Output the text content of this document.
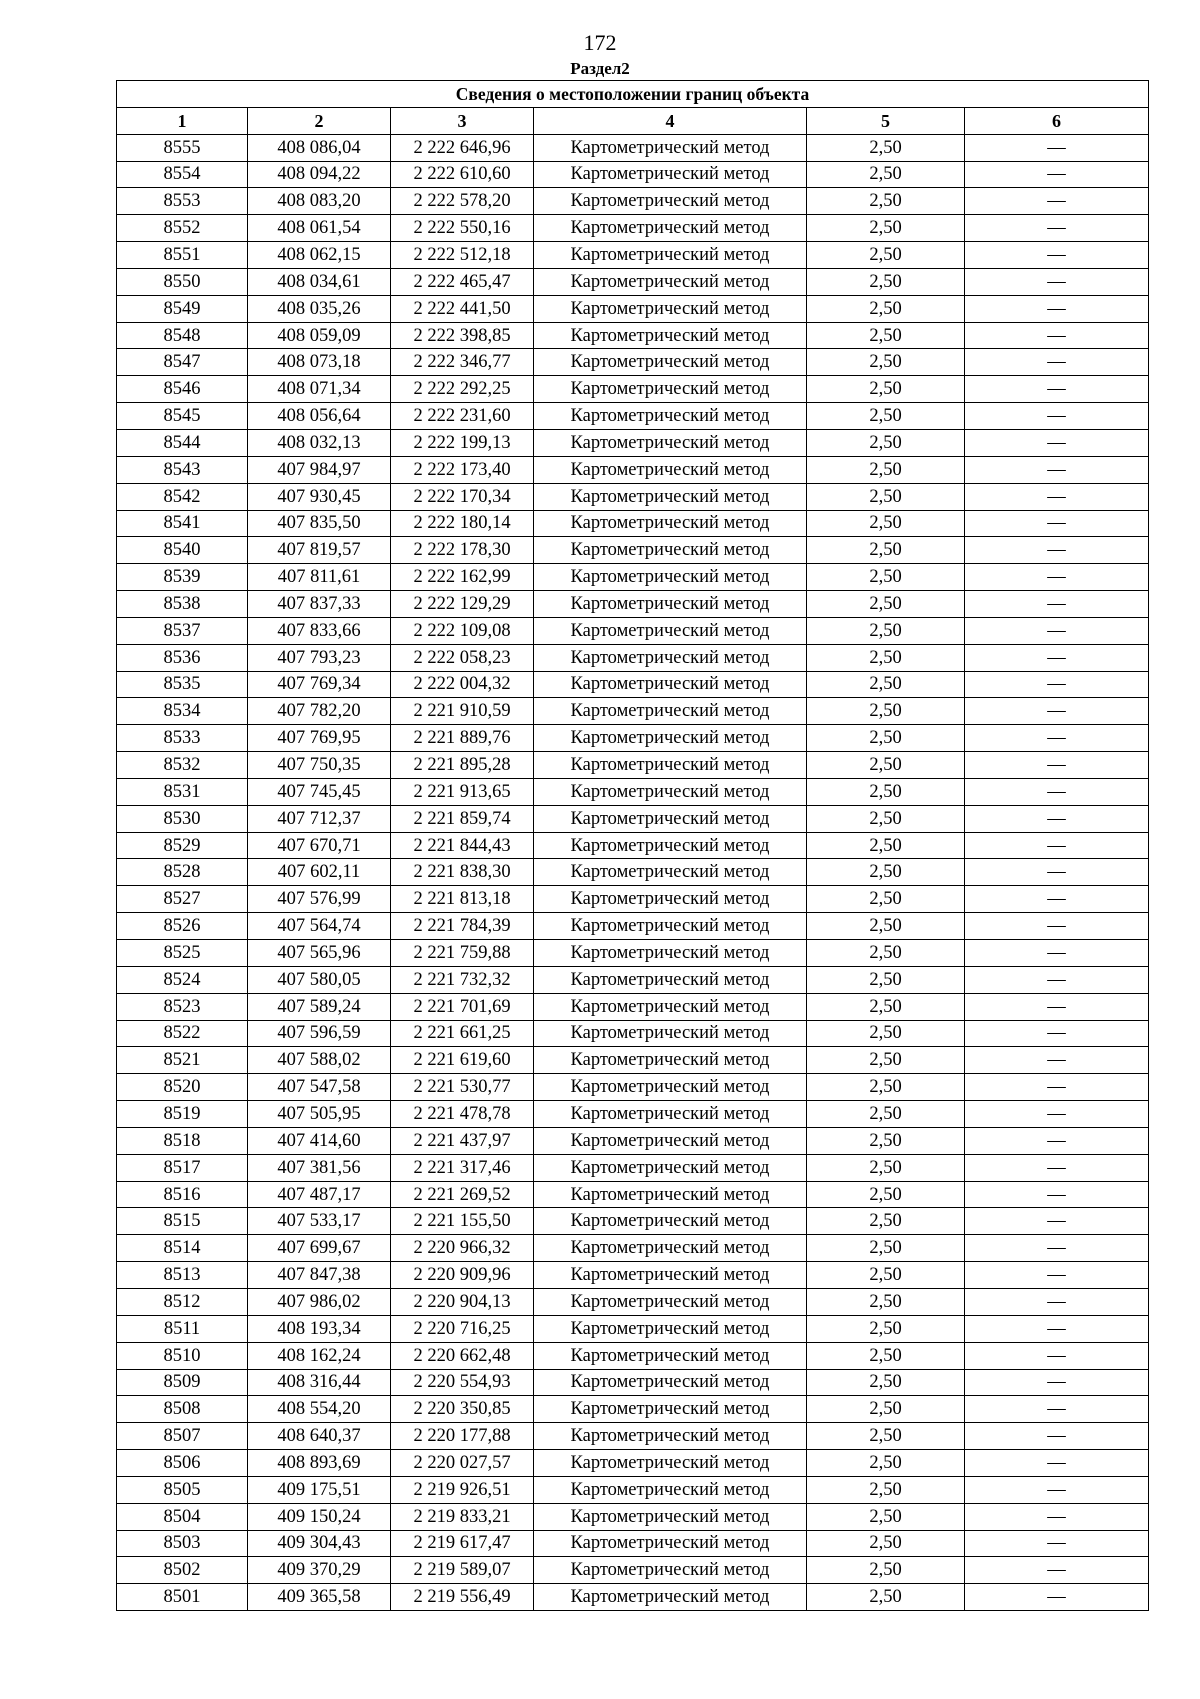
172
Раздел2
Сведения о местоположении границ объекта					
1	2	3	4	5	6
8555	408 086,04	2 222 646,96	Картометрический метод	2,50	—
8554	408 094,22	2 222 610,60	Картометрический метод	2,50	—
8553	408 083,20	2 222 578,20	Картометрический метод	2,50	—
8552	408 061,54	2 222 550,16	Картометрический метод	2,50	—
8551	408 062,15	2 222 512,18	Картометрический метод	2,50	—
8550	408 034,61	2 222 465,47	Картометрический метод	2,50	—
8549	408 035,26	2 222 441,50	Картометрический метод	2,50	—
8548	408 059,09	2 222 398,85	Картометрический метод	2,50	—
8547	408 073,18	2 222 346,77	Картометрический метод	2,50	—
8546	408 071,34	2 222 292,25	Картометрический метод	2,50	—
8545	408 056,64	2 222 231,60	Картометрический метод	2,50	—
8544	408 032,13	2 222 199,13	Картометрический метод	2,50	—
8543	407 984,97	2 222 173,40	Картометрический метод	2,50	—
8542	407 930,45	2 222 170,34	Картометрический метод	2,50	—
8541	407 835,50	2 222 180,14	Картометрический метод	2,50	—
8540	407 819,57	2 222 178,30	Картометрический метод	2,50	—
8539	407 811,61	2 222 162,99	Картометрический метод	2,50	—
8538	407 837,33	2 222 129,29	Картометрический метод	2,50	—
8537	407 833,66	2 222 109,08	Картометрический метод	2,50	—
8536	407 793,23	2 222 058,23	Картометрический метод	2,50	—
8535	407 769,34	2 222 004,32	Картометрический метод	2,50	—
8534	407 782,20	2 221 910,59	Картометрический метод	2,50	—
8533	407 769,95	2 221 889,76	Картометрический метод	2,50	—
8532	407 750,35	2 221 895,28	Картометрический метод	2,50	—
8531	407 745,45	2 221 913,65	Картометрический метод	2,50	—
8530	407 712,37	2 221 859,74	Картометрический метод	2,50	—
8529	407 670,71	2 221 844,43	Картометрический метод	2,50	—
8528	407 602,11	2 221 838,30	Картометрический метод	2,50	—
8527	407 576,99	2 221 813,18	Картометрический метод	2,50	—
8526	407 564,74	2 221 784,39	Картометрический метод	2,50	—
8525	407 565,96	2 221 759,88	Картометрический метод	2,50	—
8524	407 580,05	2 221 732,32	Картометрический метод	2,50	—
8523	407 589,24	2 221 701,69	Картометрический метод	2,50	—
8522	407 596,59	2 221 661,25	Картометрический метод	2,50	—
8521	407 588,02	2 221 619,60	Картометрический метод	2,50	—
8520	407 547,58	2 221 530,77	Картометрический метод	2,50	—
8519	407 505,95	2 221 478,78	Картометрический метод	2,50	—
8518	407 414,60	2 221 437,97	Картометрический метод	2,50	—
8517	407 381,56	2 221 317,46	Картометрический метод	2,50	—
8516	407 487,17	2 221 269,52	Картометрический метод	2,50	—
8515	407 533,17	2 221 155,50	Картометрический метод	2,50	—
8514	407 699,67	2 220 966,32	Картометрический метод	2,50	—
8513	407 847,38	2 220 909,96	Картометрический метод	2,50	—
8512	407 986,02	2 220 904,13	Картометрический метод	2,50	—
8511	408 193,34	2 220 716,25	Картометрический метод	2,50	—
8510	408 162,24	2 220 662,48	Картометрический метод	2,50	—
8509	408 316,44	2 220 554,93	Картометрический метод	2,50	—
8508	408 554,20	2 220 350,85	Картометрический метод	2,50	—
8507	408 640,37	2 220 177,88	Картометрический метод	2,50	—
8506	408 893,69	2 220 027,57	Картометрический метод	2,50	—
8505	409 175,51	2 219 926,51	Картометрический метод	2,50	—
8504	409 150,24	2 219 833,21	Картометрический метод	2,50	—
8503	409 304,43	2 219 617,47	Картометрический метод	2,50	—
8502	409 370,29	2 219 589,07	Картометрический метод	2,50	—
8501	409 365,58	2 219 556,49	Картометрический метод	2,50	—
